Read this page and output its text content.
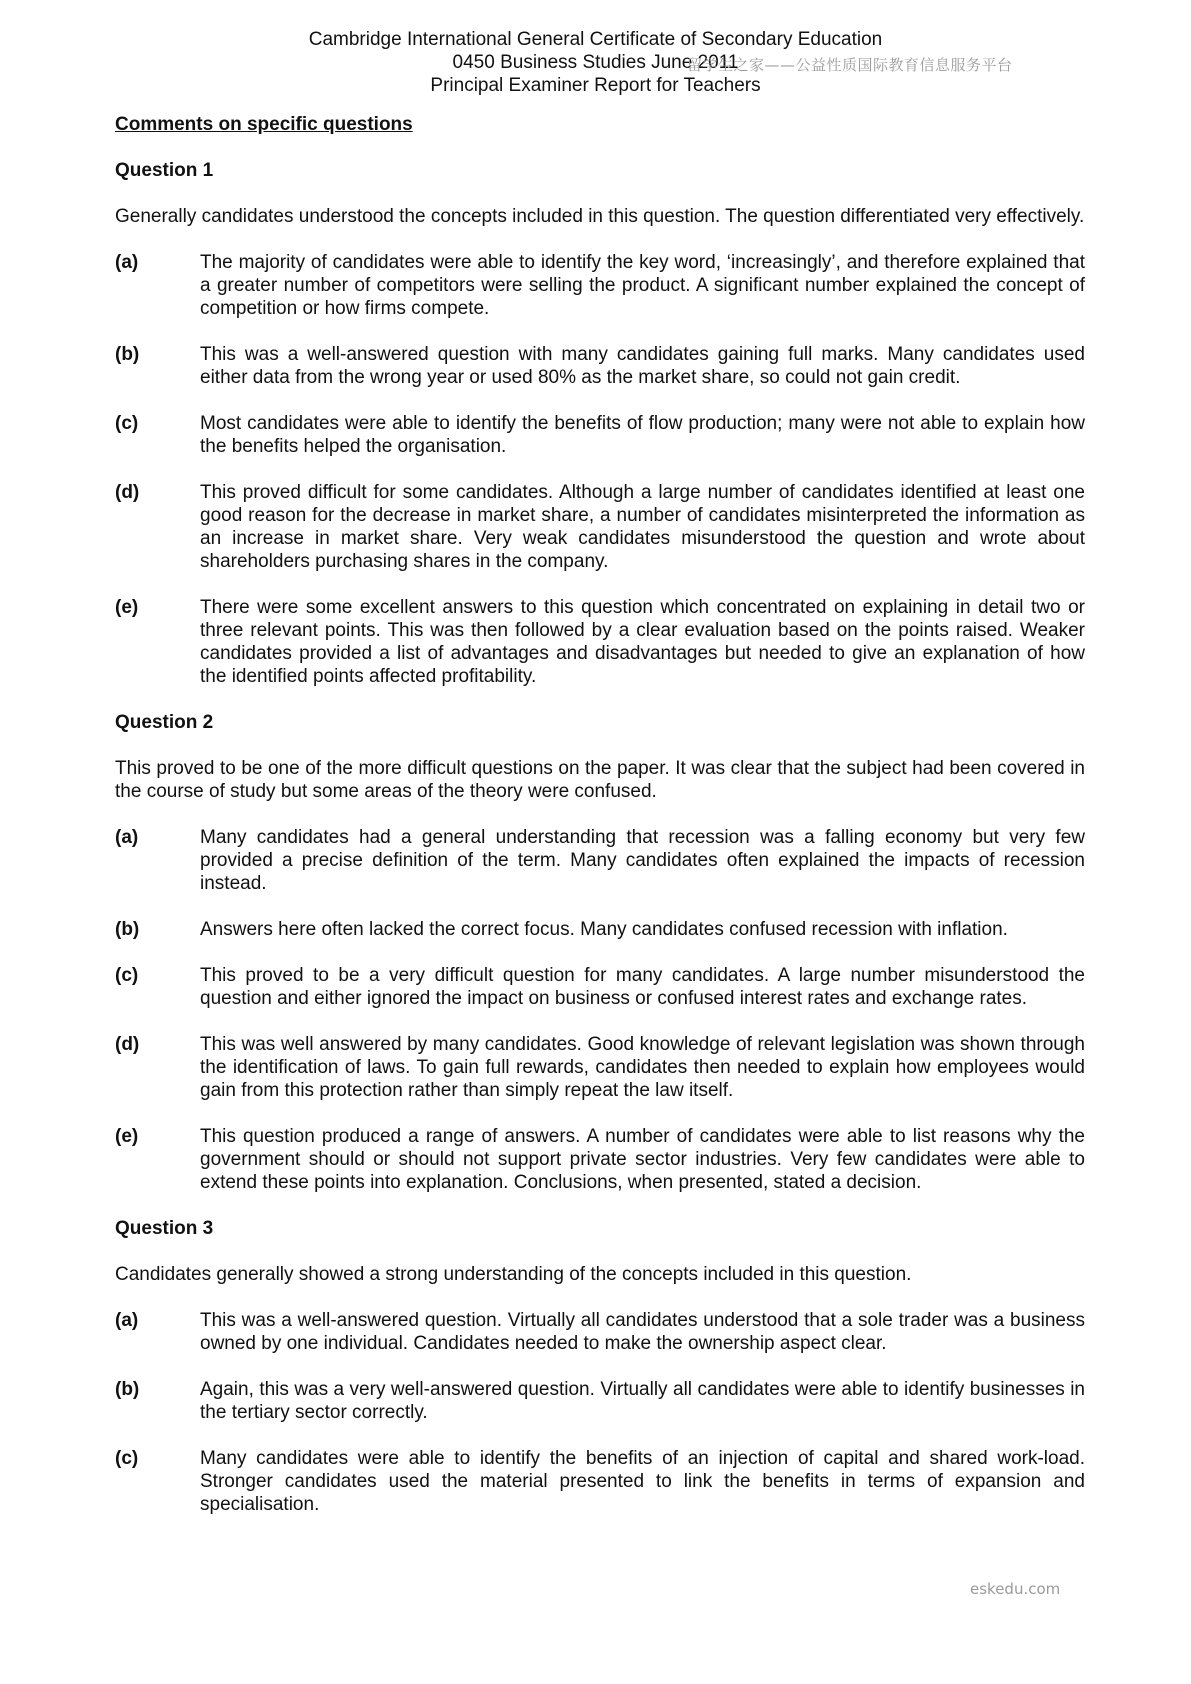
Cambridge International General Certificate of Secondary Education
0450 Business Studies June 2011
Principal Examiner Report for Teachers
留学生之家——公益性质国际教育信息服务平台
Comments on specific questions
Question 1
Generally candidates understood the concepts included in this question. The question differentiated very effectively.
(a)	The majority of candidates were able to identify the key word, ‘increasingly’, and therefore explained that a greater number of competitors were selling the product. A significant number explained the concept of competition or how firms compete.
(b)	This was a well-answered question with many candidates gaining full marks. Many candidates used either data from the wrong year or used 80% as the market share, so could not gain credit.
(c)	Most candidates were able to identify the benefits of flow production; many were not able to explain how the benefits helped the organisation.
(d)	This proved difficult for some candidates. Although a large number of candidates identified at least one good reason for the decrease in market share, a number of candidates misinterpreted the information as an increase in market share. Very weak candidates misunderstood the question and wrote about shareholders purchasing shares in the company.
(e)	There were some excellent answers to this question which concentrated on explaining in detail two or three relevant points. This was then followed by a clear evaluation based on the points raised. Weaker candidates provided a list of advantages and disadvantages but needed to give an explanation of how the identified points affected profitability.
Question 2
This proved to be one of the more difficult questions on the paper. It was clear that the subject had been covered in the course of study but some areas of the theory were confused.
(a)	Many candidates had a general understanding that recession was a falling economy but very few provided a precise definition of the term. Many candidates often explained the impacts of recession instead.
(b)	Answers here often lacked the correct focus. Many candidates confused recession with inflation.
(c)	This proved to be a very difficult question for many candidates. A large number misunderstood the question and either ignored the impact on business or confused interest rates and exchange rates.
(d)	This was well answered by many candidates. Good knowledge of relevant legislation was shown through the identification of laws. To gain full rewards, candidates then needed to explain how employees would gain from this protection rather than simply repeat the law itself.
(e)	This question produced a range of answers. A number of candidates were able to list reasons why the government should or should not support private sector industries. Very few candidates were able to extend these points into explanation. Conclusions, when presented, stated a decision.
Question 3
Candidates generally showed a strong understanding of the concepts included in this question.
(a)	This was a well-answered question. Virtually all candidates understood that a sole trader was a business owned by one individual. Candidates needed to make the ownership aspect clear.
(b)	Again, this was a very well-answered question. Virtually all candidates were able to identify businesses in the tertiary sector correctly.
(c)	Many candidates were able to identify the benefits of an injection of capital and shared work-load. Stronger candidates used the material presented to link the benefits in terms of expansion and specialisation.
eskedu.com
